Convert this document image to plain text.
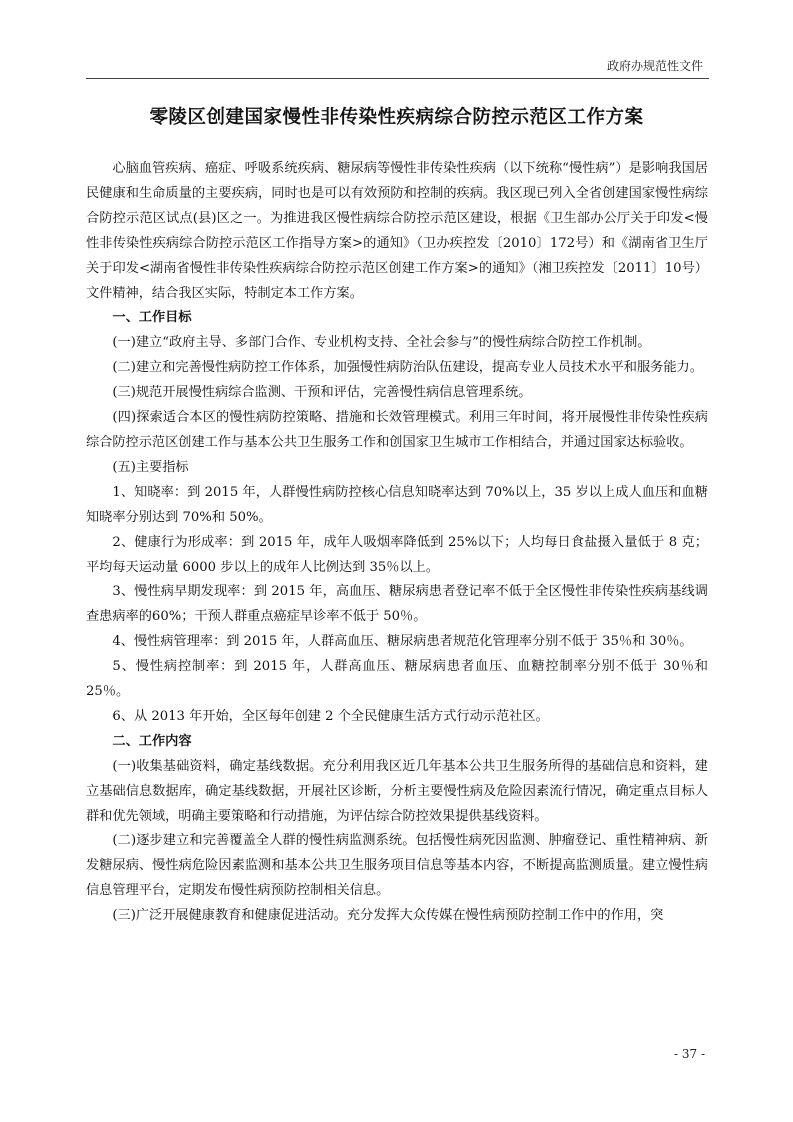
政府办规范性文件
零陵区创建国家慢性非传染性疾病综合防控示范区工作方案

心脑血管疾病、癌症、呼吸系统疾病、糖尿病等慢性非传染性疾病（以下统称“慢性病”）是影响我国居民健康和生命质量的主要疾病，同时也是可以有效预防和控制的疾病。我区现已列入全省创建国家慢性病综合防控示范区试点(县)区之一。为推进我区慢性病综合防控示范区建设，根据《卫生部办公厅关于印发<慢性非传染性疾病综合防控示范区工作指导方案>的通知》（卫办疾控发〔2010〕172号）和《湖南省卫生厅关于印发<湖南省慢性非传染性疾病综合防控示范区创建工作方案>的通知》（湘卫疾控发〔2011〕10号）文件精神，结合我区实际，特制定本工作方案。

一、工作目标

(一)建立“政府主导、多部门合作、专业机构支持、全社会参与”的慢性病综合防控工作机制。

(二)建立和完善慢性病防控工作体系，加强慢性病防治队伍建设，提高专业人员技术水平和服务能力。

(三)规范开展慢性病综合监测、干预和评估，完善慢性病信息管理系统。

(四)探索适合本区的慢性病防控策略、措施和长效管理模式。利用三年时间，将开展慢性非传染性疾病综合防控示范区创建工作与基本公共卫生服务工作和创国家卫生城市工作相结合，并通过国家达标验收。

(五)主要指标

1、知晓率：到 2015 年，人群慢性病防控核心信息知晓率达到 70%以上，35 岁以上成人血压和血糖知晓率分别达到 70%和 50%。

2、健康行为形成率：到 2015 年，成年人吸烟率降低到 25%以下；人均每日食盐摄入量低于 8 克；平均每天运动量 6000 步以上的成年人比例达到 35％以上。

3、慢性病早期发现率：到 2015 年，高血压、糖尿病患者登记率不低于全区慢性非传染性疾病基线调查患病率的60%；干预人群重点癌症早诊率不低于 50％。

4、慢性病管理率：到 2015 年，人群高血压、糖尿病患者规范化管理率分别不低于 35％和 30％。

5、慢性病控制率：到 2015 年，人群高血压、糖尿病患者血压、血糖控制率分别不低于 30％和 25％。

6、从 2013 年开始，全区每年创建 2 个全民健康生活方式行动示范社区。

二、工作内容

(一)收集基础资料，确定基线数据。充分利用我区近几年基本公共卫生服务所得的基础信息和资料，建立基础信息数据库，确定基线数据，开展社区诊断，分析主要慢性病及危险因素流行情况，确定重点目标人群和优先领域，明确主要策略和行动措施，为评估综合防控效果提供基线资料。

(二)逐步建立和完善覆盖全人群的慢性病监测系统。包括慢性病死因监测、肿瘤登记、重性精神病、新发糖尿病、慢性病危险因素监测和基本公共卫生服务项目信息等基本内容，不断提高监测质量。建立慢性病信息管理平台，定期发布慢性病预防控制相关信息。

(三)广泛开展健康教育和健康促进活动。充分发挥大众传媒在慢性病预防控制工作中的作用，突

- 37 -
